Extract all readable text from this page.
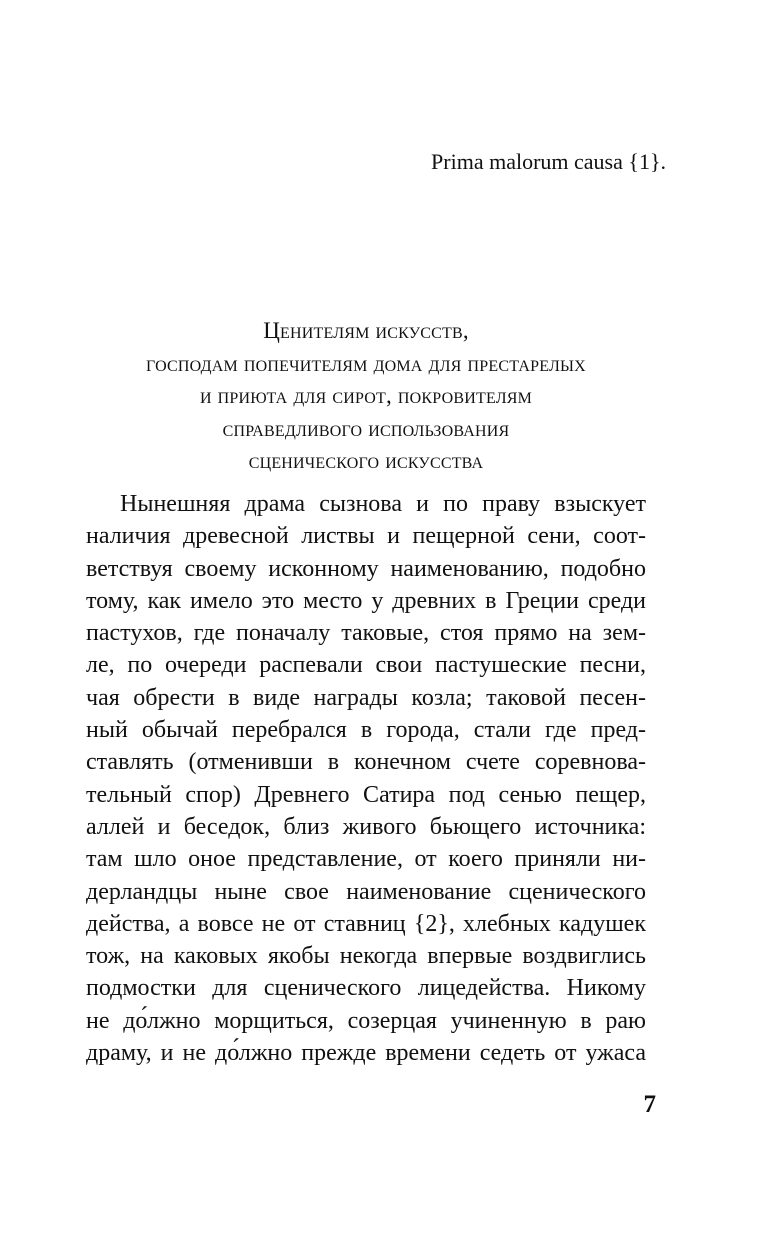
Prima malorum causa {1}.
Ценителям искусств,
господам попечителям дома для престарелых
и приюта для сирот, покровителям
справедливого использования
сценического искусства
Нынешняя драма сызнова и по праву взыскует
наличия древесной листвы и пещерной сени, соот-
ветствуя своему исконному наименованию, подобно
тому, как имело это место у древних в Греции среди
пастухов, где поначалу таковые, стоя прямо на зем-
ле, по очереди распевали свои пастушеские песни,
чая обрести в виде награды козла; таковой песен-
ный обычай перебрался в города, стали где пред-
ставлять (отменивши в конечном счете соревнова-
тельный спор) Древнего Сатира под сенью пещер,
аллей и беседок, близ живого бьющего источника:
там шло оное представление, от коего приняли ни-
дерландцы ныне свое наименование сценического
действа, а вовсе не от ставниц {2}, хлебных кадушек
тож, на каковых якобы некогда впервые воздвиглись
подмостки для сценического лицедейства. Никому
не до́лжно морщиться, созерцая учиненную в раю
драму, и не до́лжно прежде времени седеть от ужаса
7
